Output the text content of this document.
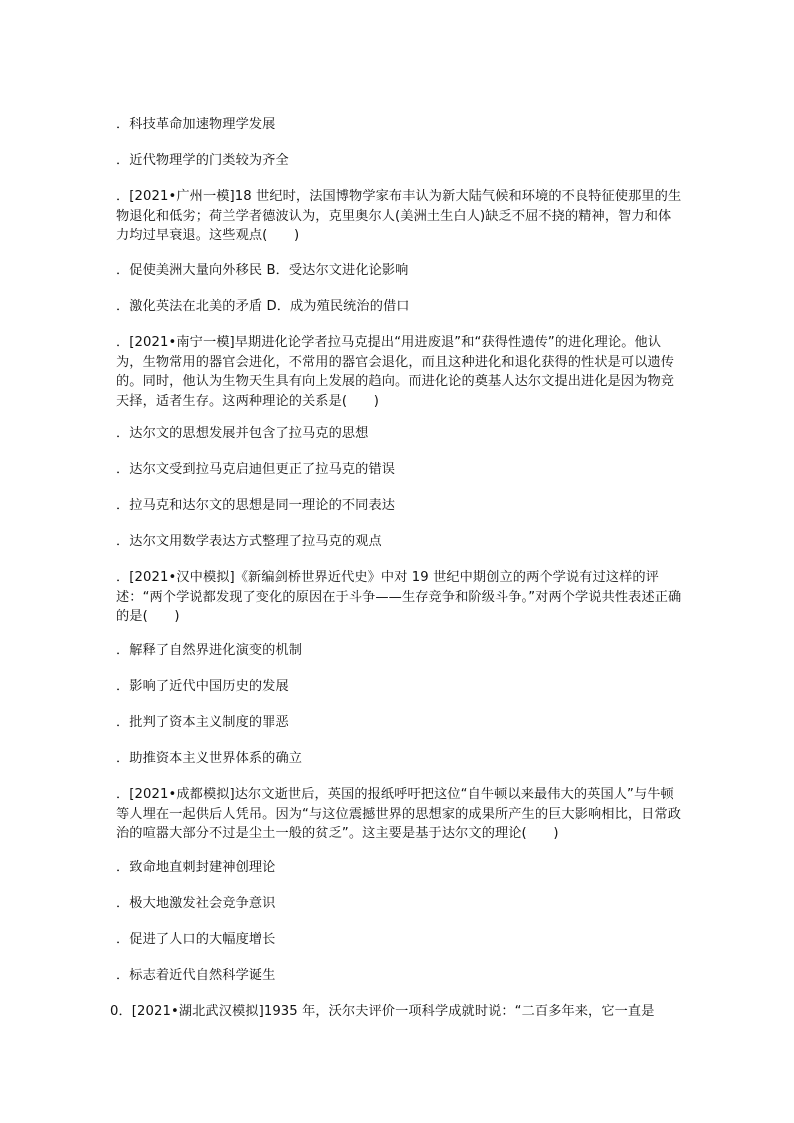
．科技革命加速物理学发展

．近代物理学的门类较为齐全

．[2021•广州一模]18 世纪时，法国博物学家布丰认为新大陆气候和环境的不良特征使那里的生物退化和低劣；荷兰学者德波认为，克里奥尔人(美洲土生白人)缺乏不屈不挠的精神，智力和体力均过早衰退。这些观点(　　)

．促使美洲大量向外移民 B．受达尔文进化论影响

．激化英法在北美的矛盾 D．成为殖民统治的借口

．[2021•南宁一模]早期进化论学者拉马克提出“用进废退”和“获得性遗传”的进化理论。他认为，生物常用的器官会进化，不常用的器官会退化，而且这种进化和退化获得的性状是可以遗传的。同时，他认为生物天生具有向上发展的趋向。而进化论的奠基人达尔文提出进化是因为物竞天择，适者生存。这两种理论的关系是(　　)

．达尔文的思想发展并包含了拉马克的思想

．达尔文受到拉马克启迪但更正了拉马克的错误

．拉马克和达尔文的思想是同一理论的不同表达

．达尔文用数学表达方式整理了拉马克的观点

．[2021•汉中模拟]《新编剑桥世界近代史》中对 19 世纪中期创立的两个学说有过这样的评述：“两个学说都发现了变化的原因在于斗争——生存竞争和阶级斗争。”对两个学说共性表述正确的是(　　)

．解释了自然界进化演变的机制

．影响了近代中国历史的发展

．批判了资本主义制度的罪恶

．助推资本主义世界体系的确立

．[2021•成都模拟]达尔文逝世后，英国的报纸呼吁把这位“自牛顿以来最伟大的英国人”与牛顿等人埋在一起供后人凭吊。因为“与这位震撼世界的思想家的成果所产生的巨大影响相比，日常政治的喧嚣大部分不过是尘土一般的贫乏”。这主要是基于达尔文的理论(　　)

．致命地直刺封建神创理论

．极大地激发社会竞争意识

．促进了人口的大幅度增长

．标志着近代自然科学诞生

0．[2021•湖北武汉模拟]1935 年，沃尔夫评价一项科学成就时说：“二百多年来，它一直是
